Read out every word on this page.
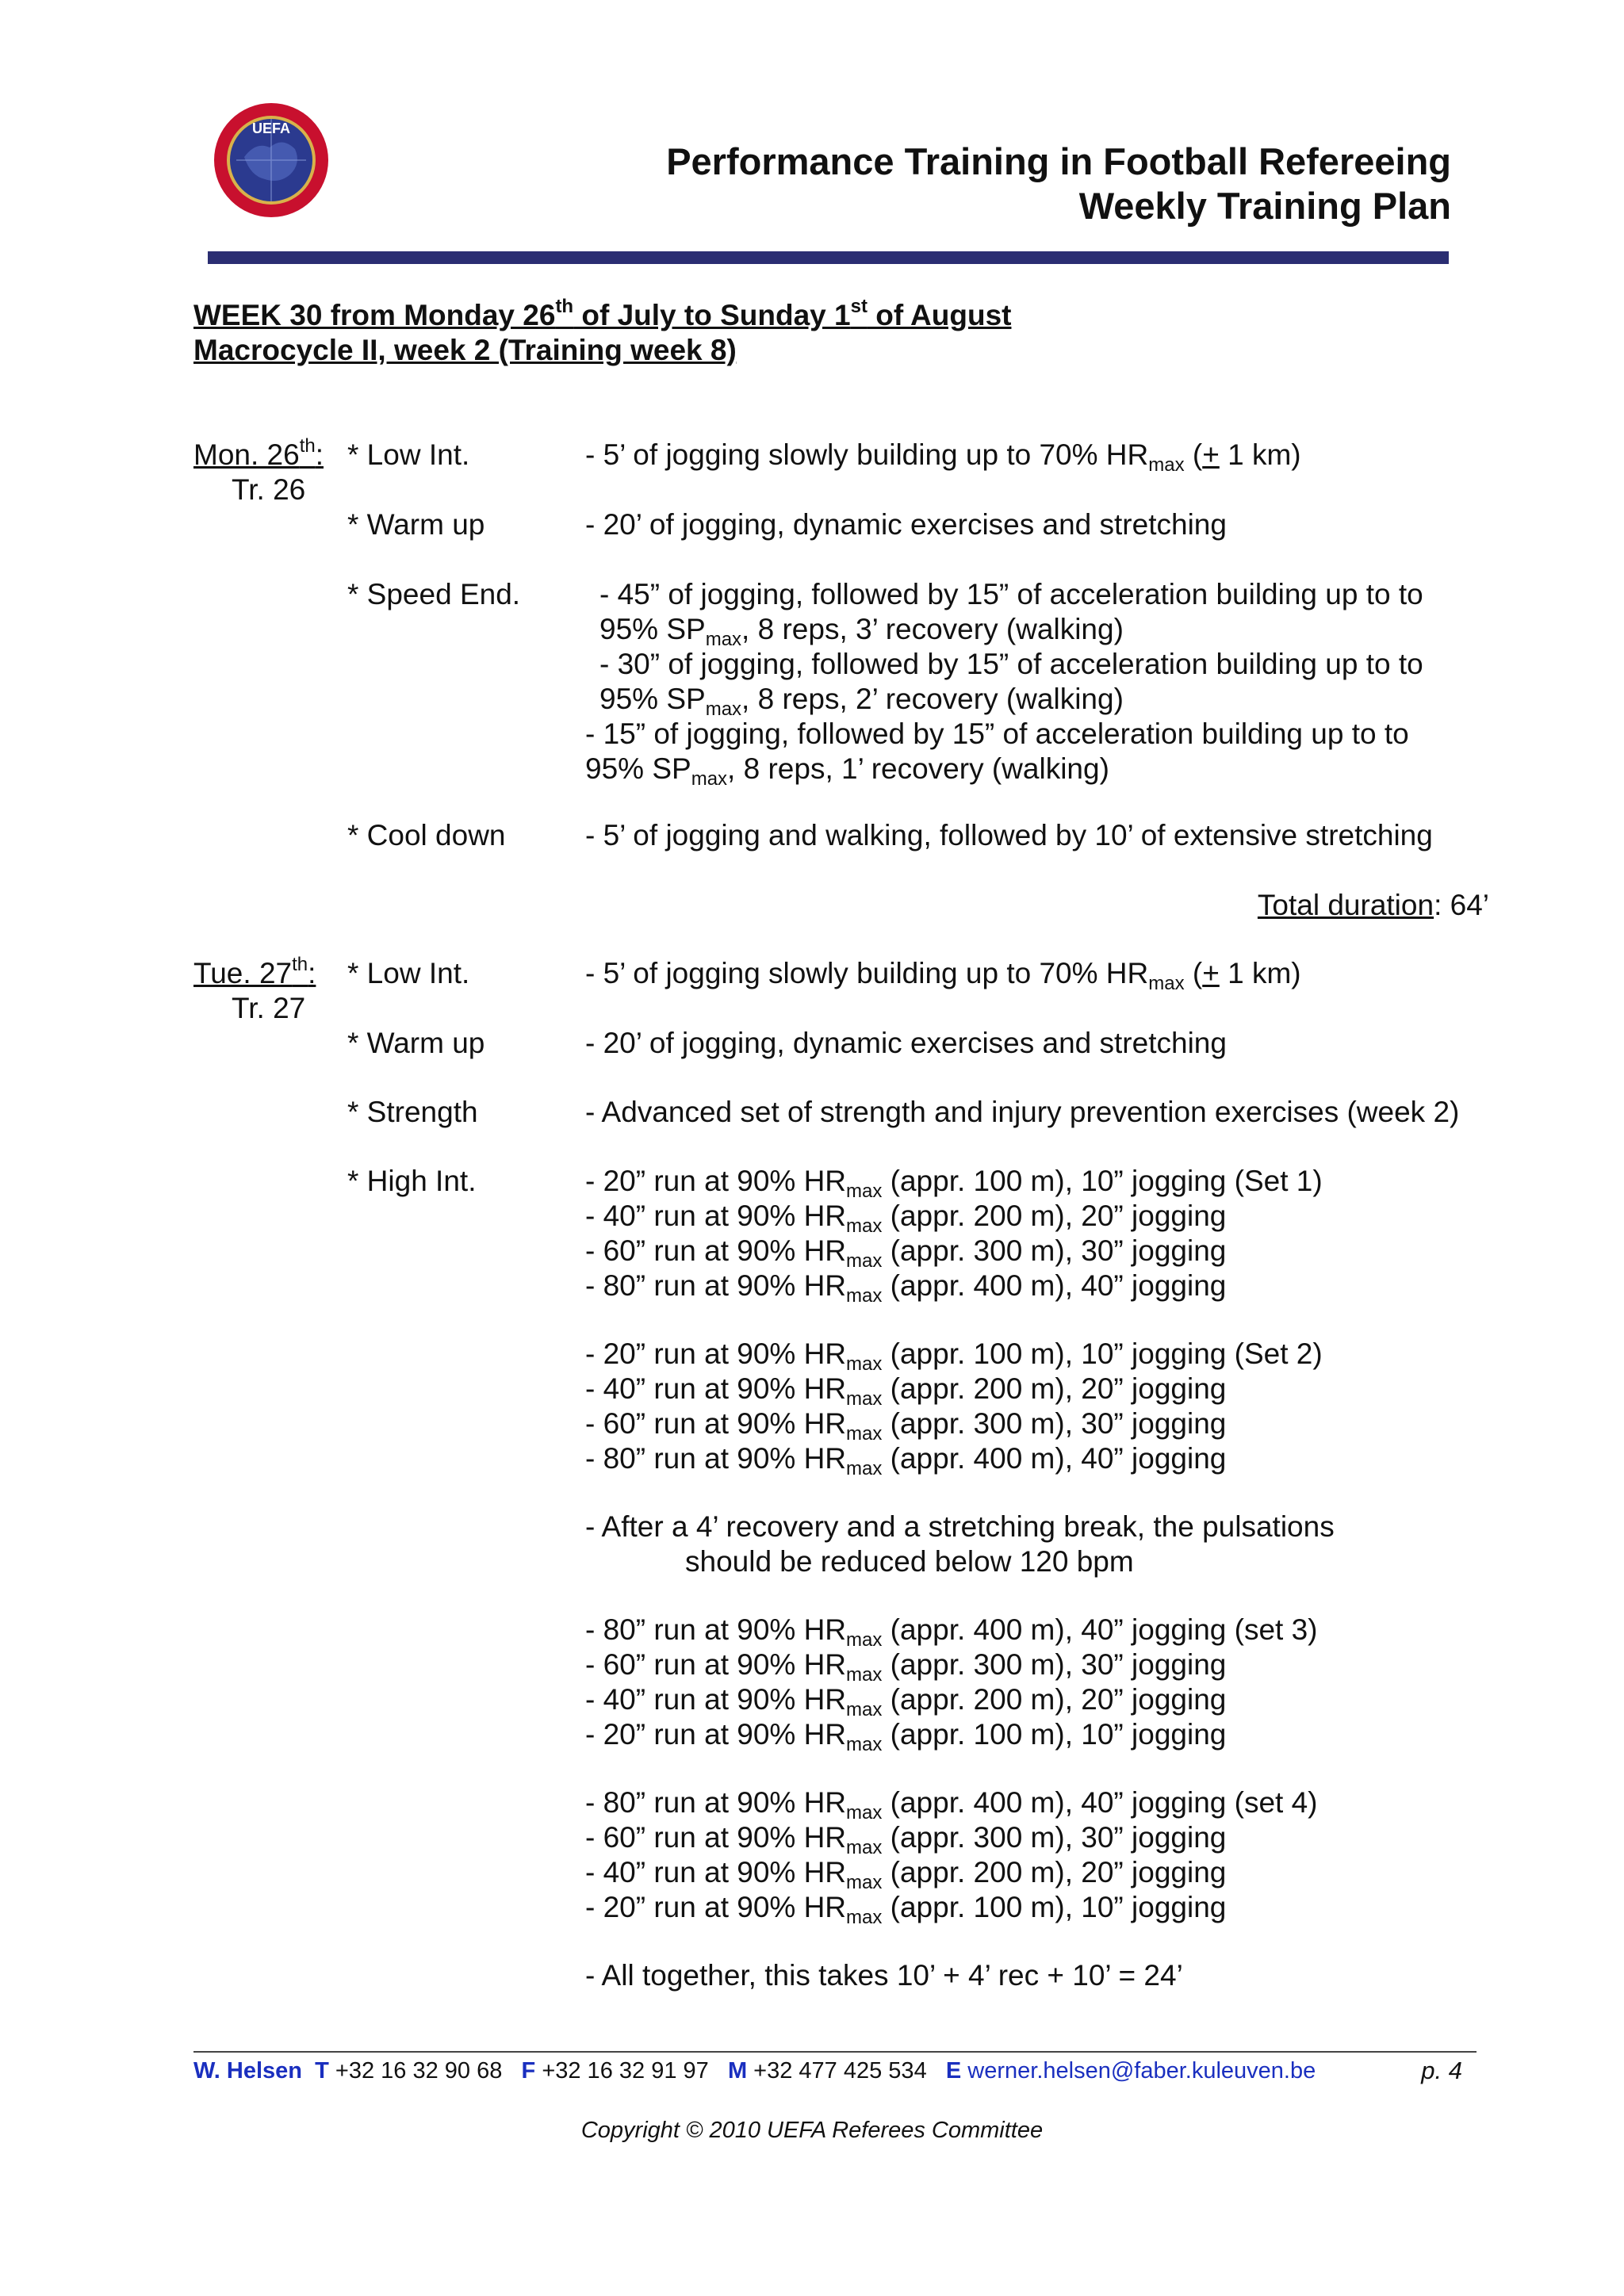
UEFA
Performance Training in Football Refereeing
Weekly Training Plan
WEEK 30 from Monday 26th of July to Sunday 1st of August
Macrocycle II, week 2 (Training week 8)
Mon. 26th:
Tr. 26
* Low Int.	- 5’ of jogging slowly building up to 70% $HR_{max}$ (+ 1 km)
* Warm up	- 20’ of jogging, dynamic exercises and stretching
* Speed End.	- 45” of jogging, followed by 15” of acceleration building up to to
95% $SP_{max}$, 8 reps, 3’ recovery (walking)
- 30” of jogging, followed by 15” of acceleration building up to to
95% $SP_{max}$, 8 reps, 2’ recovery (walking)
- 15” of jogging, followed by 15” of acceleration building up to to
95% $SP_{max}$, 8 reps, 1’ recovery (walking)
* Cool down	- 5’ of jogging and walking, followed by 10’ of extensive stretching
Total duration: 64’
Tue. 27th:
Tr. 27
* Low Int.	- 5’ of jogging slowly building up to 70% $HR_{max}$ (+ 1 km)
* Warm up	- 20’ of jogging, dynamic exercises and stretching
* Strength	- Advanced set of strength and injury prevention exercises (week 2)
* High Int.	- 20” run at 90% $HR_{max}$ (appr. 100 m), 10” jogging (Set 1)
- 40” run at 90% $HR_{max}$ (appr. 200 m), 20” jogging
- 60” run at 90% $HR_{max}$ (appr. 300 m), 30” jogging
- 80” run at 90% $HR_{max}$ (appr. 400 m), 40” jogging
- 20” run at 90% $HR_{max}$ (appr. 100 m), 10” jogging (Set 2)
- 40” run at 90% $HR_{max}$ (appr. 200 m), 20” jogging
- 60” run at 90% $HR_{max}$ (appr. 300 m), 30” jogging
- 80” run at 90% $HR_{max}$ (appr. 400 m), 40” jogging
- After a 4’ recovery and a stretching break, the pulsations
should be reduced below 120 bpm
- 80” run at 90% $HR_{max}$ (appr. 400 m), 40” jogging (set 3)
- 60” run at 90% $HR_{max}$ (appr. 300 m), 30” jogging
- 40” run at 90% $HR_{max}$ (appr. 200 m), 20” jogging
- 20” run at 90% $HR_{max}$ (appr. 100 m), 10” jogging
- 80” run at 90% $HR_{max}$ (appr. 400 m), 40” jogging (set 4)
- 60” run at 90% $HR_{max}$ (appr. 300 m), 30” jogging
- 40” run at 90% $HR_{max}$ (appr. 200 m), 20” jogging
- 20” run at 90% $HR_{max}$ (appr. 100 m), 10” jogging
- All together, this takes 10’ + 4’ rec + 10’ = 24’
W. Helsen T +32 16 32 90 68 F +32 16 32 91 97 M +32 477 425 534 E werner.helsen@faber.kuleuven.be	p. 4
Copyright © 2010 UEFA Referees Committee
